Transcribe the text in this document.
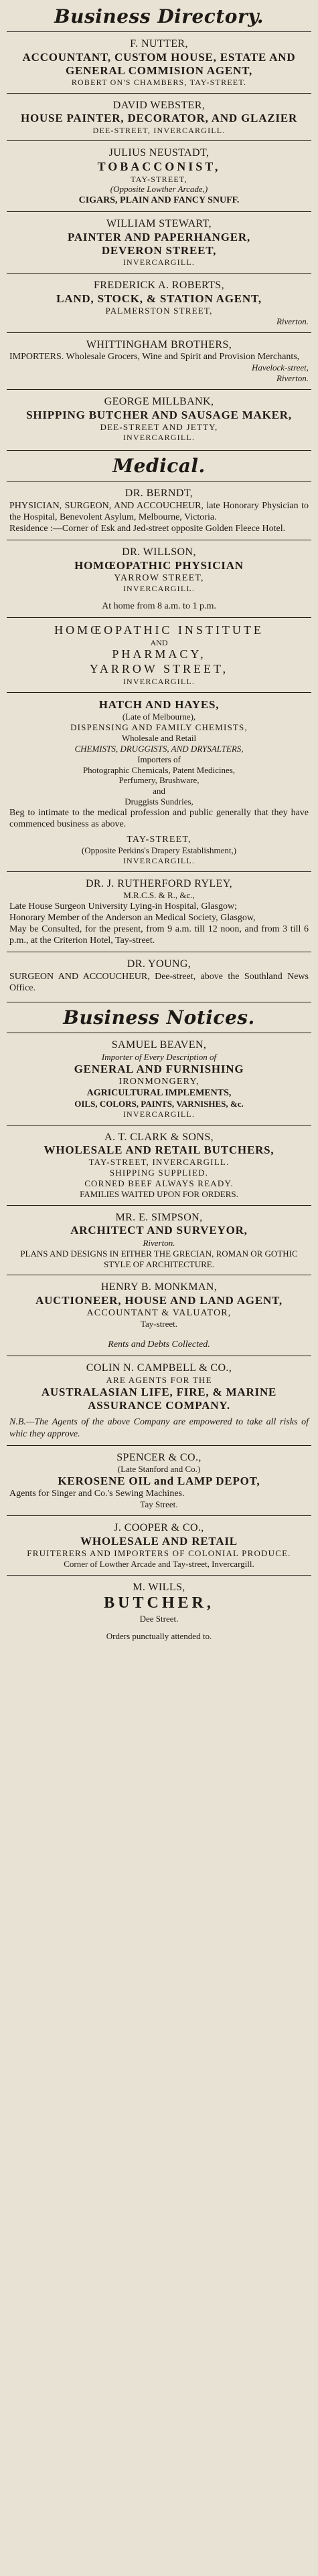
Business Directory.
F. NUTTER,
ACCOUNTANT, CUSTOM HOUSE, ESTATE AND GENERAL COMMISION AGENT,
ROBERT ON'S CHAMBERS, TAY-STREET.
DAVID WEBSTER,
HOUSE PAINTER, DECORATOR, AND GLAZIER
DEE-STREET, INVERCARGILL.
JULIUS NEUSTADT,
TOBACCONIST,
TAY-STREET,
(Opposite Lowther Arcade,)
CIGARS, PLAIN AND FANCY SNUFF.
WILLIAM STEWART,
PAINTER AND PAPERHANGER,
DEVERON STREET,
INVERCARGILL.
FREDERICK A. ROBERTS,
LAND, STOCK, & STATION AGENT,
PALMERSTON STREET,
Riverton.
WHITTINGHAM BROTHERS,
IMPORTERS. Wholesale Grocers, Wine and Spirit and Provision Merchants,
Havelock-street,
Riverton.
GEORGE MILLBANK,
SHIPPING BUTCHER AND SAUSAGE MAKER,
DEE-STREET AND JETTY,
INVERCARGILL.
Medical.
DR. BERNDT,
PHYSICIAN, SURGEON, AND ACCOUCHEUR, late Honorary Physician to the Hospital, Benevolent Asylum, Melbourne, Victoria.
Residence :—Corner of Esk and Jed-street opposite Golden Fleece Hotel.
DR. WILLSON,
HOMŒOPATHIC PHYSICIAN
YARROW STREET,
INVERCARGILL.
At home from 8 a.m. to 1 p.m.
HOMŒOPATHIC INSTITUTE
AND
PHARMACY,
YARROW STREET,
INVERCARGILL.
HATCH AND HAYES,
(Late of Melbourne),
DISPENSING AND FAMILY CHEMISTS,
Wholesale and Retail
CHEMISTS, DRUGGISTS, AND DRYSALTERS,
Importers of
Photographic Chemicals, Patent Medicines,
Perfumery, Brushware,
and
Druggists Sundries,
Beg to intimate to the medical profession and public generally that they have commenced business as above.
TAY-STREET,
(Opposite Perkins's Drapery Establishment,)
INVERCARGILL.
DR. J. RUTHERFORD RYLEY,
M.R.C.S. & R., &c.,
Late House Surgeon University Lying-in Hospital, Glasgow;
Honorary Member of the Anderson an Medical Society, Glasgow,
May be Consulted, for the present, from 9 a.m. till 12 noon, and from 3 till 6 p.m., at the Criterion Hotel, Tay-street.
DR. YOUNG,
SURGEON AND ACCOUCHEUR, Dee-street, above the Southland News Office.
Business Notices.
SAMUEL BEAVEN,
Importer of Every Description of
GENERAL AND FURNISHING
IRONMONGERY,
AGRICULTURAL IMPLEMENTS,
OILS, COLORS, PAINTS, VARNISHES, &c.
INVERCARGILL.
A. T. CLARK & SONS,
WHOLESALE AND RETAIL BUTCHERS,
TAY-STREET, INVERCARGILL.
SHIPPING SUPPLIED.
CORNED BEEF ALWAYS READY.
FAMILIES WAITED UPON FOR ORDERS.
MR. E. SIMPSON,
ARCHITECT AND SURVEYOR,
Riverton.
PLANS AND DESIGNS IN EITHER THE GRECIAN, ROMAN OR GOTHIC STYLE OF ARCHITECTURE.
HENRY B. MONKMAN,
AUCTIONEER, HOUSE AND LAND AGENT,
ACCOUNTANT & VALUATOR,
Tay-street.
Rents and Debts Collected.
COLIN N. CAMPBELL & CO.,
ARE AGENTS FOR THE
AUSTRALASIAN LIFE, FIRE, & MARINE ASSURANCE COMPANY.
N.B.—The Agents of the above Company are empowered to take all risks of whic they approve.
SPENCER & CO.,
(Late Stanford and Co.)
KEROSENE OIL and LAMP DEPOT,
Agents for Singer and Co.'s Sewing Machines.
Tay Street.
J. COOPER & CO.,
WHOLESALE AND RETAIL
FRUITERERS AND IMPORTERS OF COLONIAL PRODUCE.
Corner of Lowther Arcade and Tay-street, Invercargill.
M. WILLS,
BUTCHER,
Dee Street.
Orders punctually attended to.
